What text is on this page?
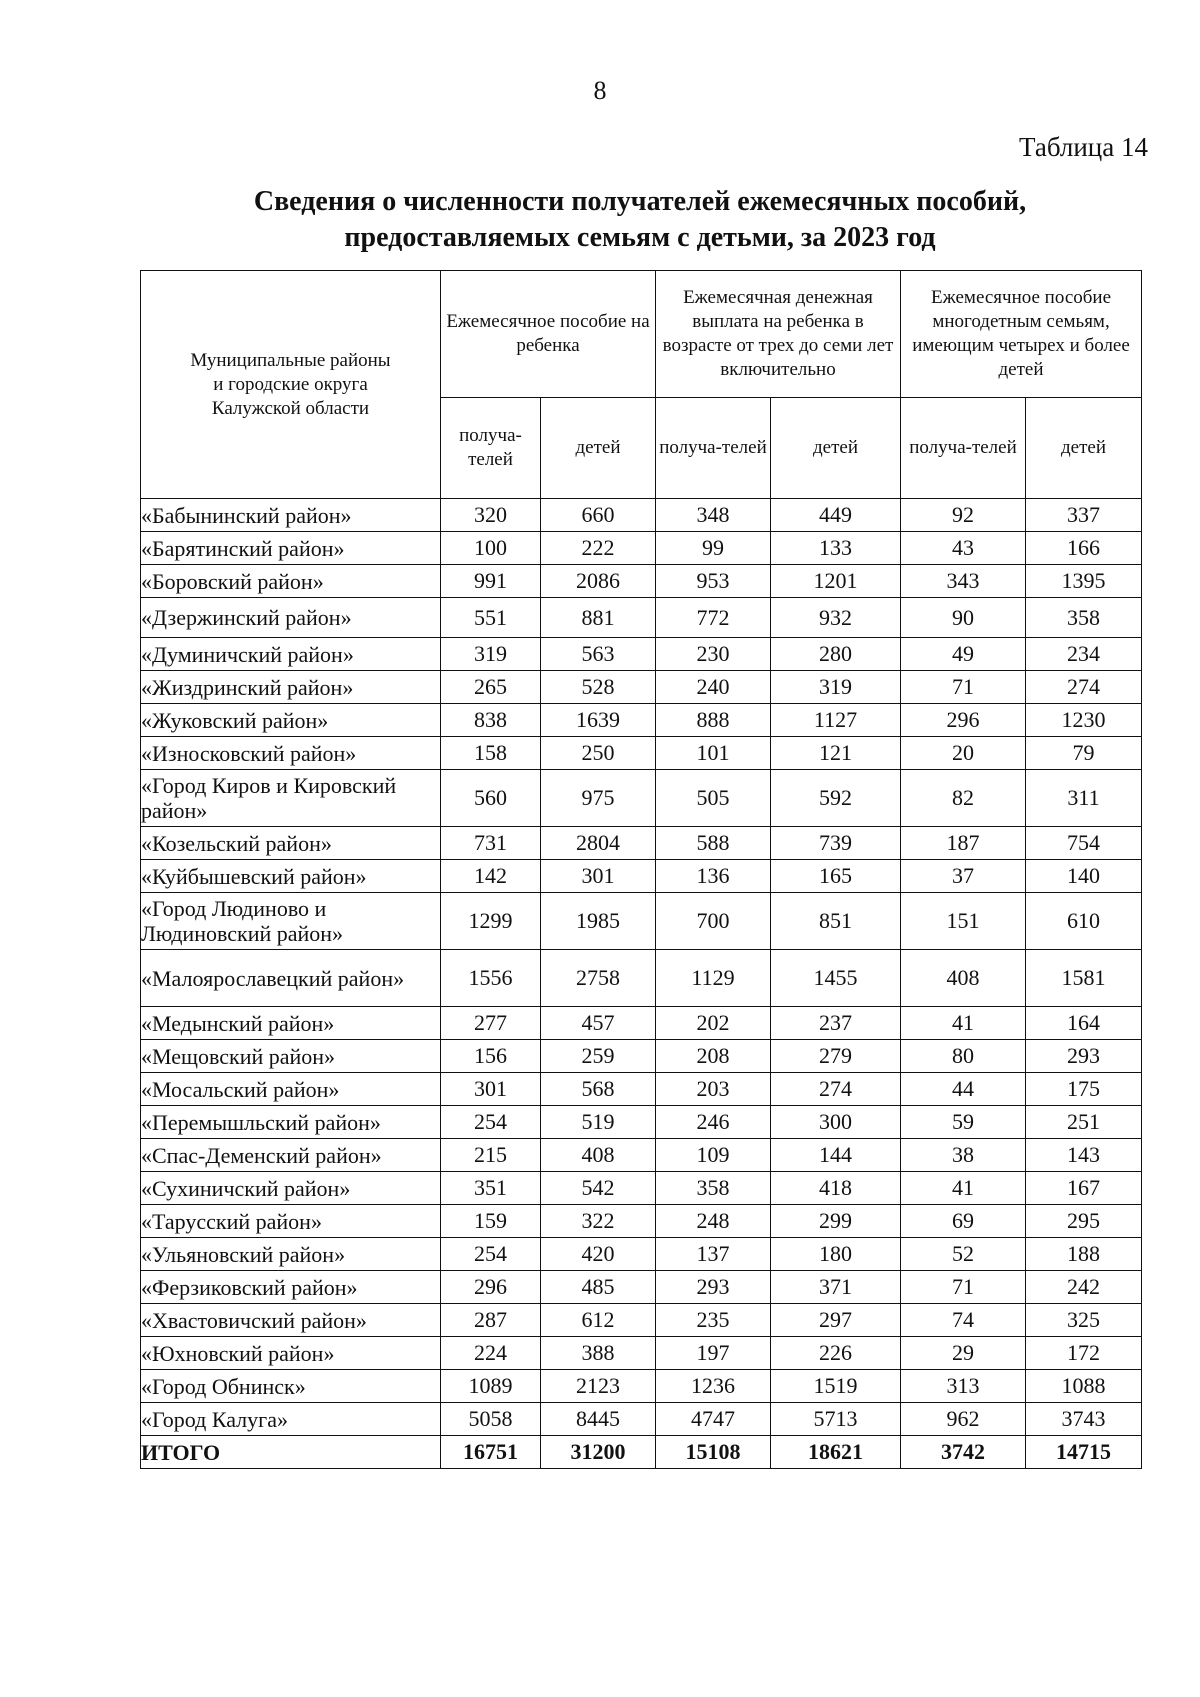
8
Таблица 14
Сведения о численности получателей ежемесячных пособий,
предоставляемых семьям с детьми, за 2023 год
Муниципальные районы
и городские округа
Калужской области	Ежемесячное пособие на ребенка		Ежемесячная денежная выплата на ребенка в возрасте от трех до семи лет включительно		Ежемесячное пособие многодетным семьям, имеющим четырех и более детей	
	получа-телей	детей	получа-телей	детей	получа-телей	детей
«Бабынинский район»	320	660	348	449	92	337
«Барятинский район»	100	222	99	133	43	166
«Боровский район»	991	2086	953	1201	343	1395
«Дзержинский район»	551	881	772	932	90	358
«Думиничский район»	319	563	230	280	49	234
«Жиздринский район»	265	528	240	319	71	274
«Жуковский район»	838	1639	888	1127	296	1230
«Износковский район»	158	250	101	121	20	79
«Город Киров и Кировский район»	560	975	505	592	82	311
«Козельский район»	731	2804	588	739	187	754
«Куйбышевский район»	142	301	136	165	37	140
«Город Людиново и Людиновский район»	1299	1985	700	851	151	610
«Малоярославецкий район»	1556	2758	1129	1455	408	1581
«Медынский район»	277	457	202	237	41	164
«Мещовский район»	156	259	208	279	80	293
«Мосальский район»	301	568	203	274	44	175
«Перемышльский район»	254	519	246	300	59	251
«Спас-Деменский район»	215	408	109	144	38	143
«Сухиничский район»	351	542	358	418	41	167
«Тарусский район»	159	322	248	299	69	295
«Ульяновский район»	254	420	137	180	52	188
«Ферзиковский район»	296	485	293	371	71	242
«Хвастовичский район»	287	612	235	297	74	325
«Юхновский район»	224	388	197	226	29	172
«Город Обнинск»	1089	2123	1236	1519	313	1088
«Город Калуга»	5058	8445	4747	5713	962	3743
ИТОГО	16751	31200	15108	18621	3742	14715
